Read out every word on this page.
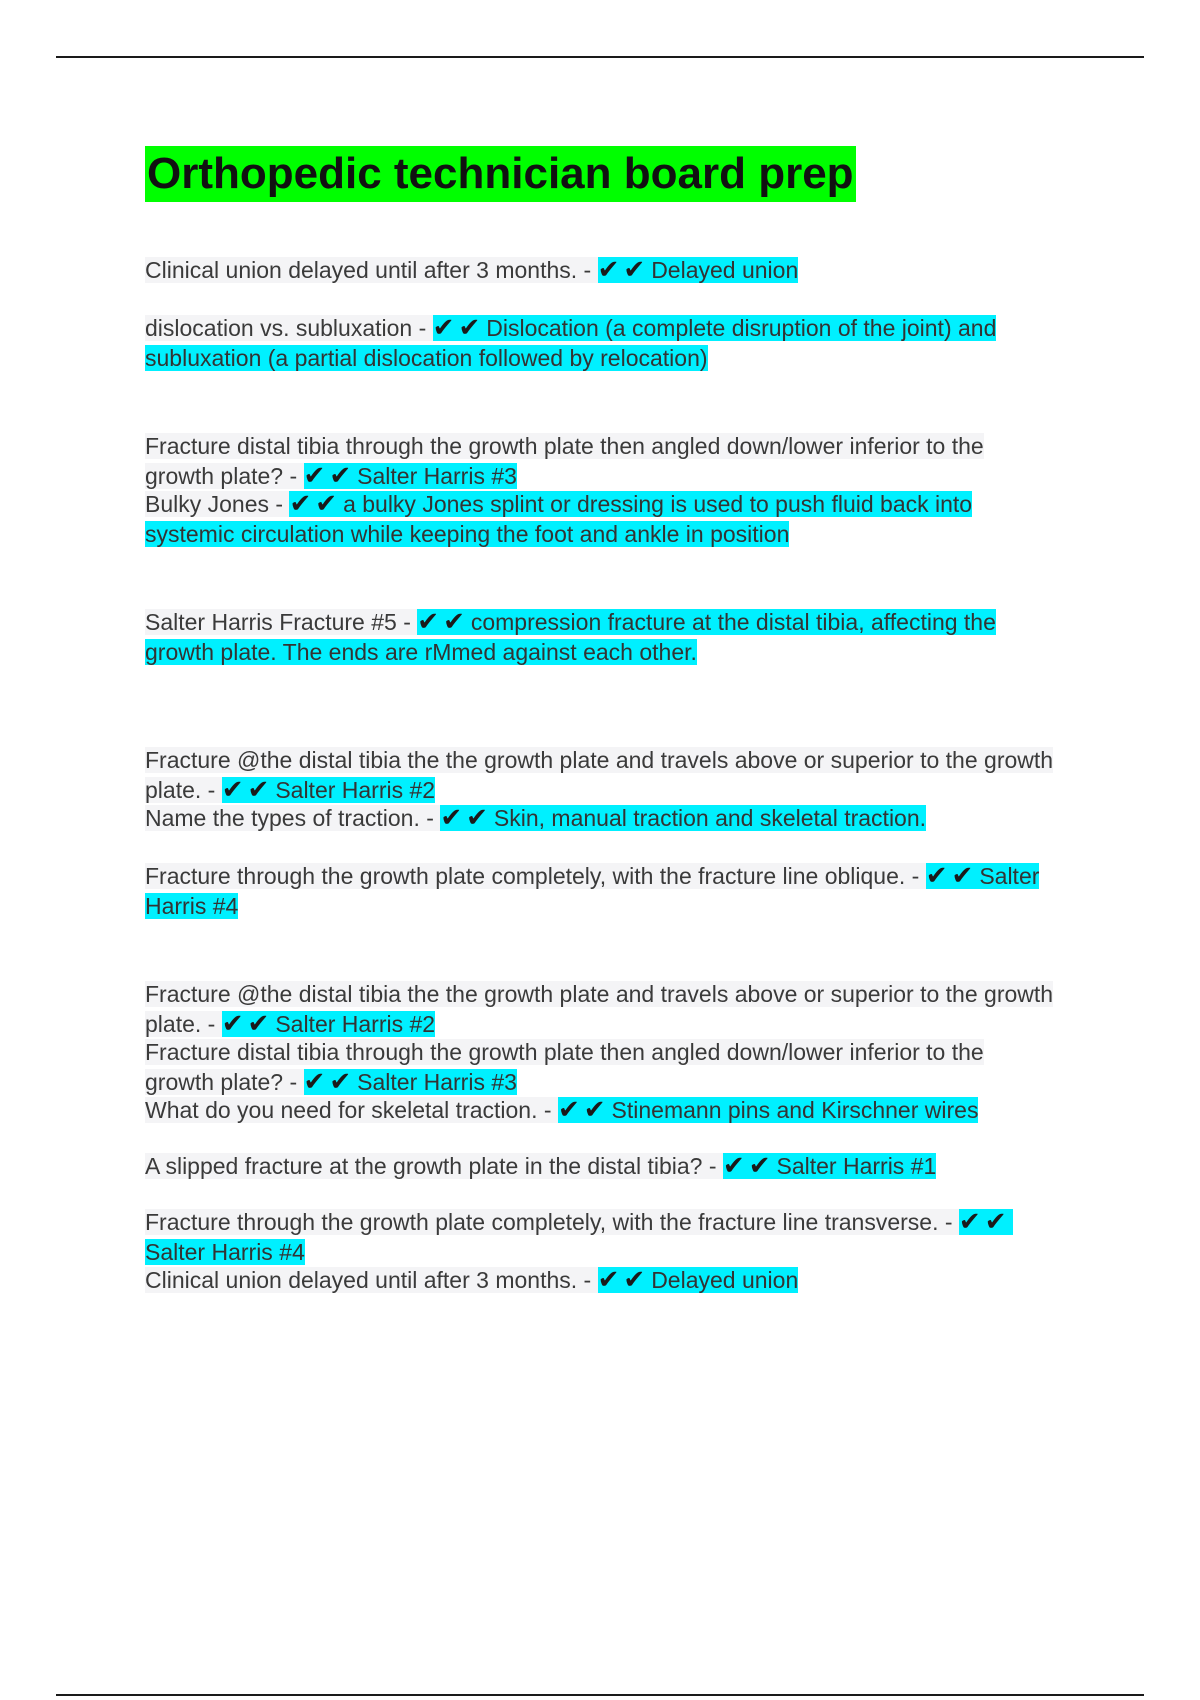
Orthopedic technician board prep
Clinical union delayed until after 3 months. - ✔ ✔ Delayed union
dislocation vs. subluxation - ✔ ✔ Dislocation (a complete disruption of the joint) and subluxation (a partial dislocation followed by relocation)
Fracture distal tibia through the growth plate then angled down/lower inferior to the growth plate? - ✔ ✔ Salter Harris #3
Bulky Jones - ✔ ✔ a bulky Jones splint or dressing is used to push fluid back into systemic circulation while keeping the foot and ankle in position
Salter Harris Fracture #5 - ✔ ✔ compression fracture at the distal tibia, affecting the growth plate. The ends are rMmed against each other.
Fracture @the distal tibia the the growth plate and travels above or superior to the growth plate. - ✔ ✔ Salter Harris #2
Name the types of traction. - ✔ ✔ Skin, manual traction and skeletal traction.
Fracture through the growth plate completely, with the fracture line oblique. - ✔ ✔ Salter Harris #4
Fracture @the distal tibia the the growth plate and travels above or superior to the growth plate. - ✔ ✔ Salter Harris #2
Fracture distal tibia through the growth plate then angled down/lower inferior to the growth plate? - ✔ ✔ Salter Harris #3
What do you need for skeletal traction. - ✔ ✔ Stinemann pins and Kirschner wires
A slipped fracture at the growth plate in the distal tibia? - ✔ ✔ Salter Harris #1
Fracture through the growth plate completely, with the fracture line transverse. - ✔ ✔Salter Harris #4
Clinical union delayed until after 3 months. - ✔ ✔ Delayed union
